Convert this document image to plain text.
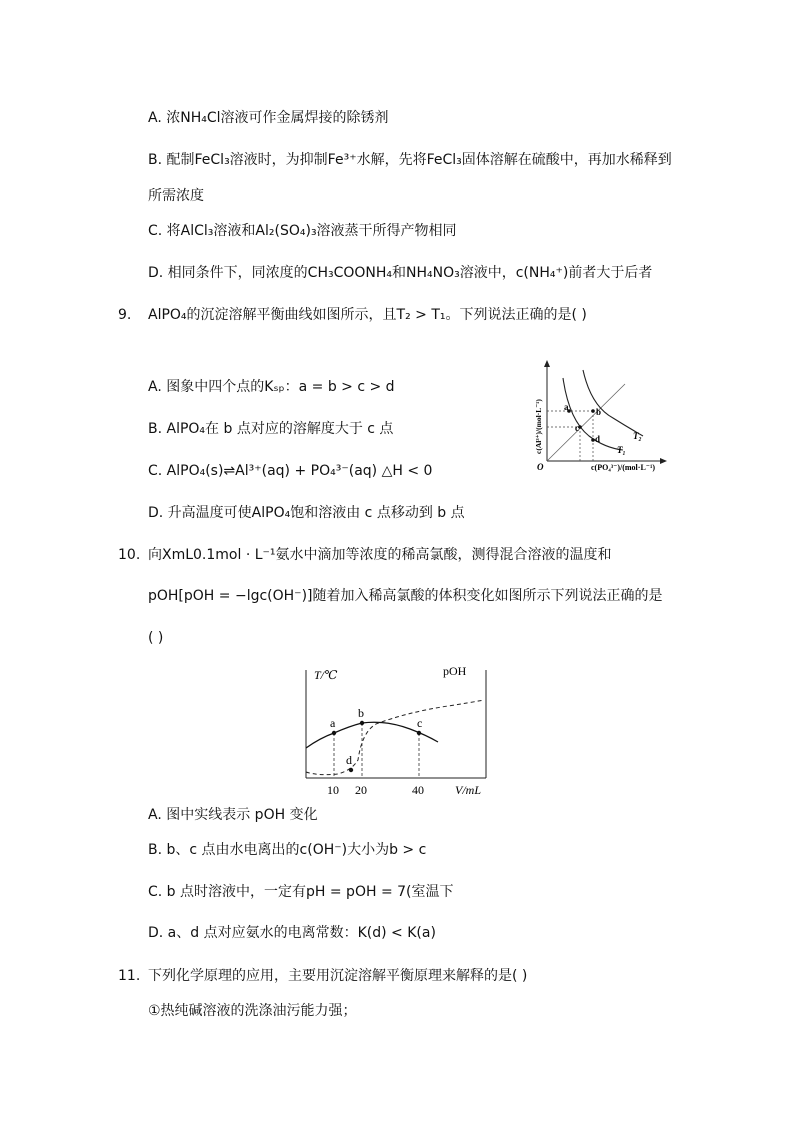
A. 浓NH₄Cl溶液可作金属焊接的除锈剂
B. 配制FeCl₃溶液时，为抑制Fe³⁺水解，先将FeCl₃固体溶解在硫酸中，再加水稀释到
所需浓度
C. 将AlCl₃溶液和Al₂(SO₄)₃溶液蒸干所得产物相同
D. 相同条件下，同浓度的CH₃COONH₄和NH₄NO₃溶液中，c(NH₄⁺)前者大于后者
9. AlPO₄的沉淀溶解平衡曲线如图所示，且T₂ > T₁。下列说法正确的是( )
A. 图象中四个点的Kₛₚ：a = b > c > d
B. AlPO₄在 b 点对应的溶解度大于 c 点
C. AlPO₄(s)⇌Al³⁺(aq) + PO₄³⁻(aq) △H < 0
D. 升高温度可使AlPO₄饱和溶液由 c 点移动到 b 点
a	b
c
d	T₂
T₁
O	c(PO₄³⁻)/(mol·L⁻¹)
c(Al³⁺)/(mol·L⁻¹)
10. 向XmL0.1mol · L⁻¹氨水中滴加等浓度的稀高氯酸，测得混合溶液的温度和
pOH[pOH = −lgc(OH⁻)]随着加入稀高氯酸的体积变化如图所示下列说法正确的是
( )
T/℃	pOH
a
b
c
d
10 20	40	V/mL
A. 图中实线表示 pOH 变化
B. b、c 点由水电离出的c(OH⁻)大小为b > c
C. b 点时溶液中，一定有pH = pOH = 7(室温下
D. a、d 点对应氨水的电离常数：K(d) < K(a)
11. 下列化学原理的应用，主要用沉淀溶解平衡原理来解释的是( )
①热纯碱溶液的洗涤油污能力强；
